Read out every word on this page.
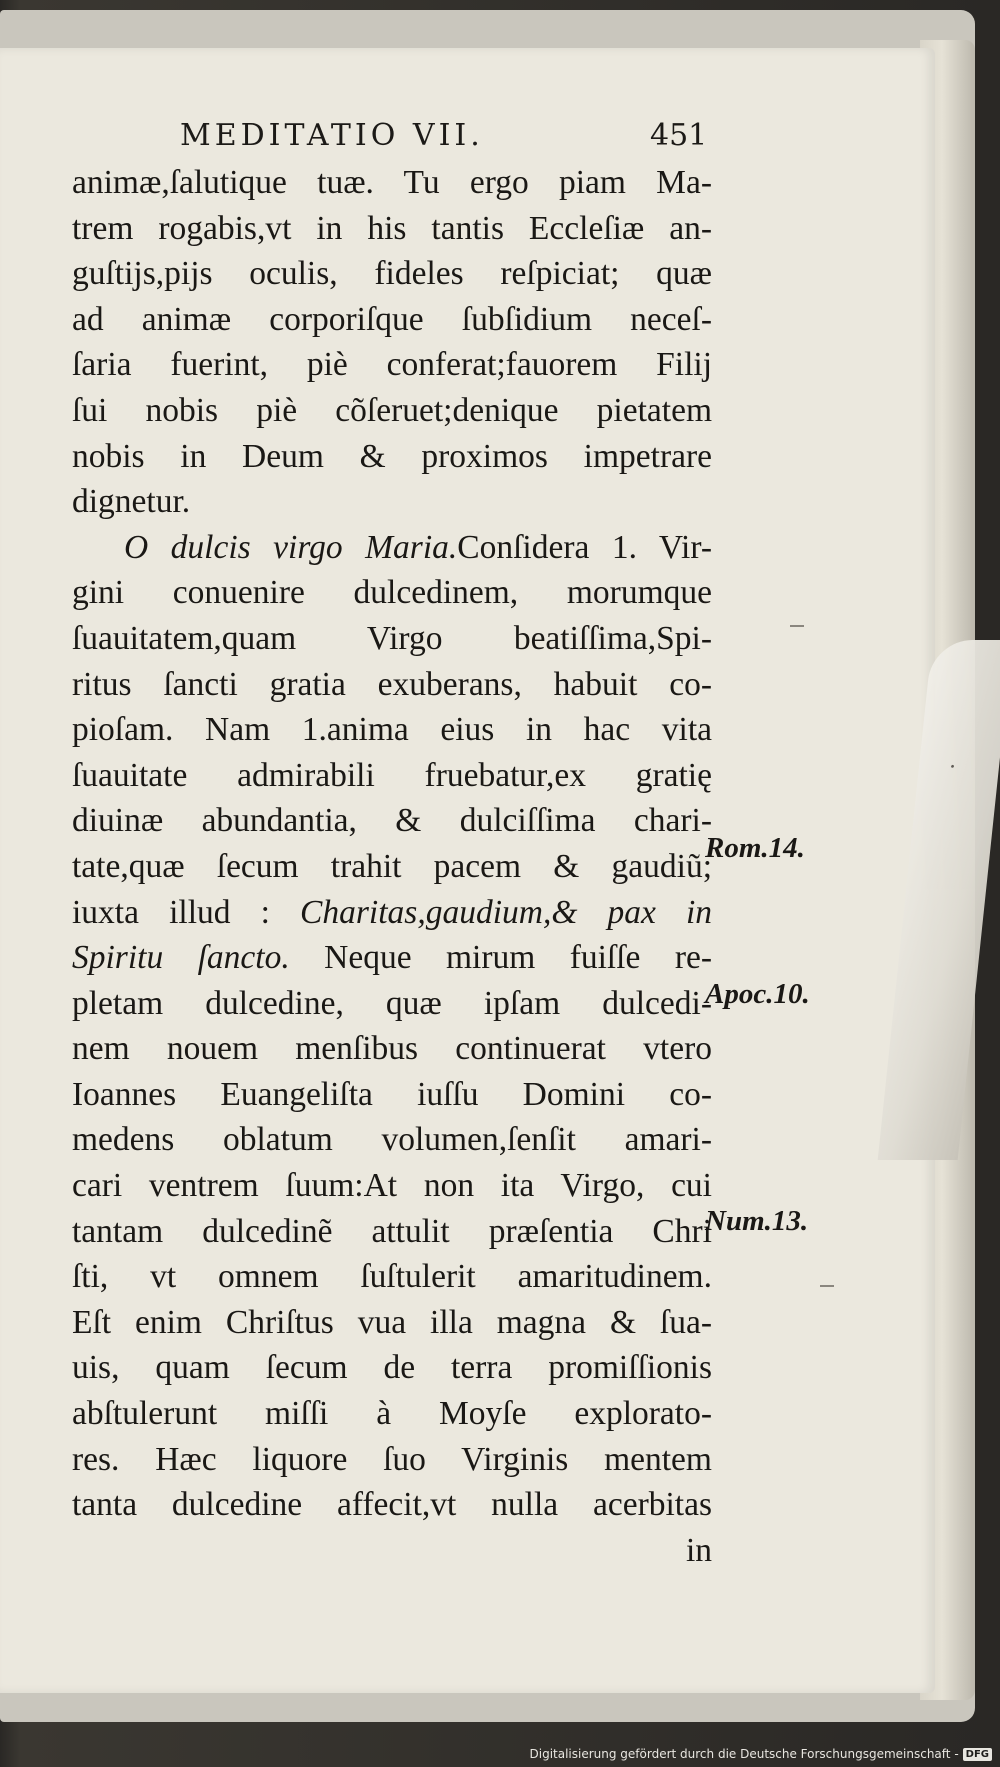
·
MEDITATIO VII.	451
animæ,ſalutique tuæ. Tu ergo piam Ma-
trem rogabis,vt in his tantis Eccleſiæ an-
guſtijs,pijs oculis, fideles reſpiciat; quæ
ad animæ corporiſque ſubſidium neceſ-
ſaria fuerint, piè conferat;fauorem Filij
ſui nobis piè cõſeruet;denique pietatem
nobis in Deum & proximos impetrare
dignetur.
O dulcis virgo Maria.Conſidera 1. Vir-
gini conuenire dulcedinem, morumque
ſuauitatem,quam Virgo beatiſſima,Spi-
ritus ſancti gratia exuberans, habuit co-
pioſam. Nam 1.anima eius in hac vita
ſuauitate admirabili fruebatur,ex gratię
diuinæ abundantia, & dulciſſima chari-
tate,quæ ſecum trahit pacem & gaudiũ;
iuxta illud : Charitas,gaudium,& pax in
Spiritu ſancto. Neque mirum fuiſſe re-
pletam dulcedine, quæ ipſam dulcedi-
nem nouem menſibus continuerat vtero
Ioannes Euangeliſta iuſſu Domini co-
medens oblatum volumen,ſenſit amari-
cari ventrem ſuum:At non ita Virgo, cui
tantam dulcedinẽ attulit præſentia Chri
ſti, vt omnem ſuſtulerit amaritudinem.
Eſt enim Chriſtus vua illa magna & ſua-
uis, quam ſecum de terra promiſſionis
abſtulerunt miſſi à Moyſe explorato-
res. Hæc liquore ſuo Virginis mentem
tanta dulcedine affecit,vt nulla acerbitas
in
Rom.14.
Apoc.10.
Num.13.
Digitalisierung gefördert durch die Deutsche Forschungsgemeinschaft - DFG
